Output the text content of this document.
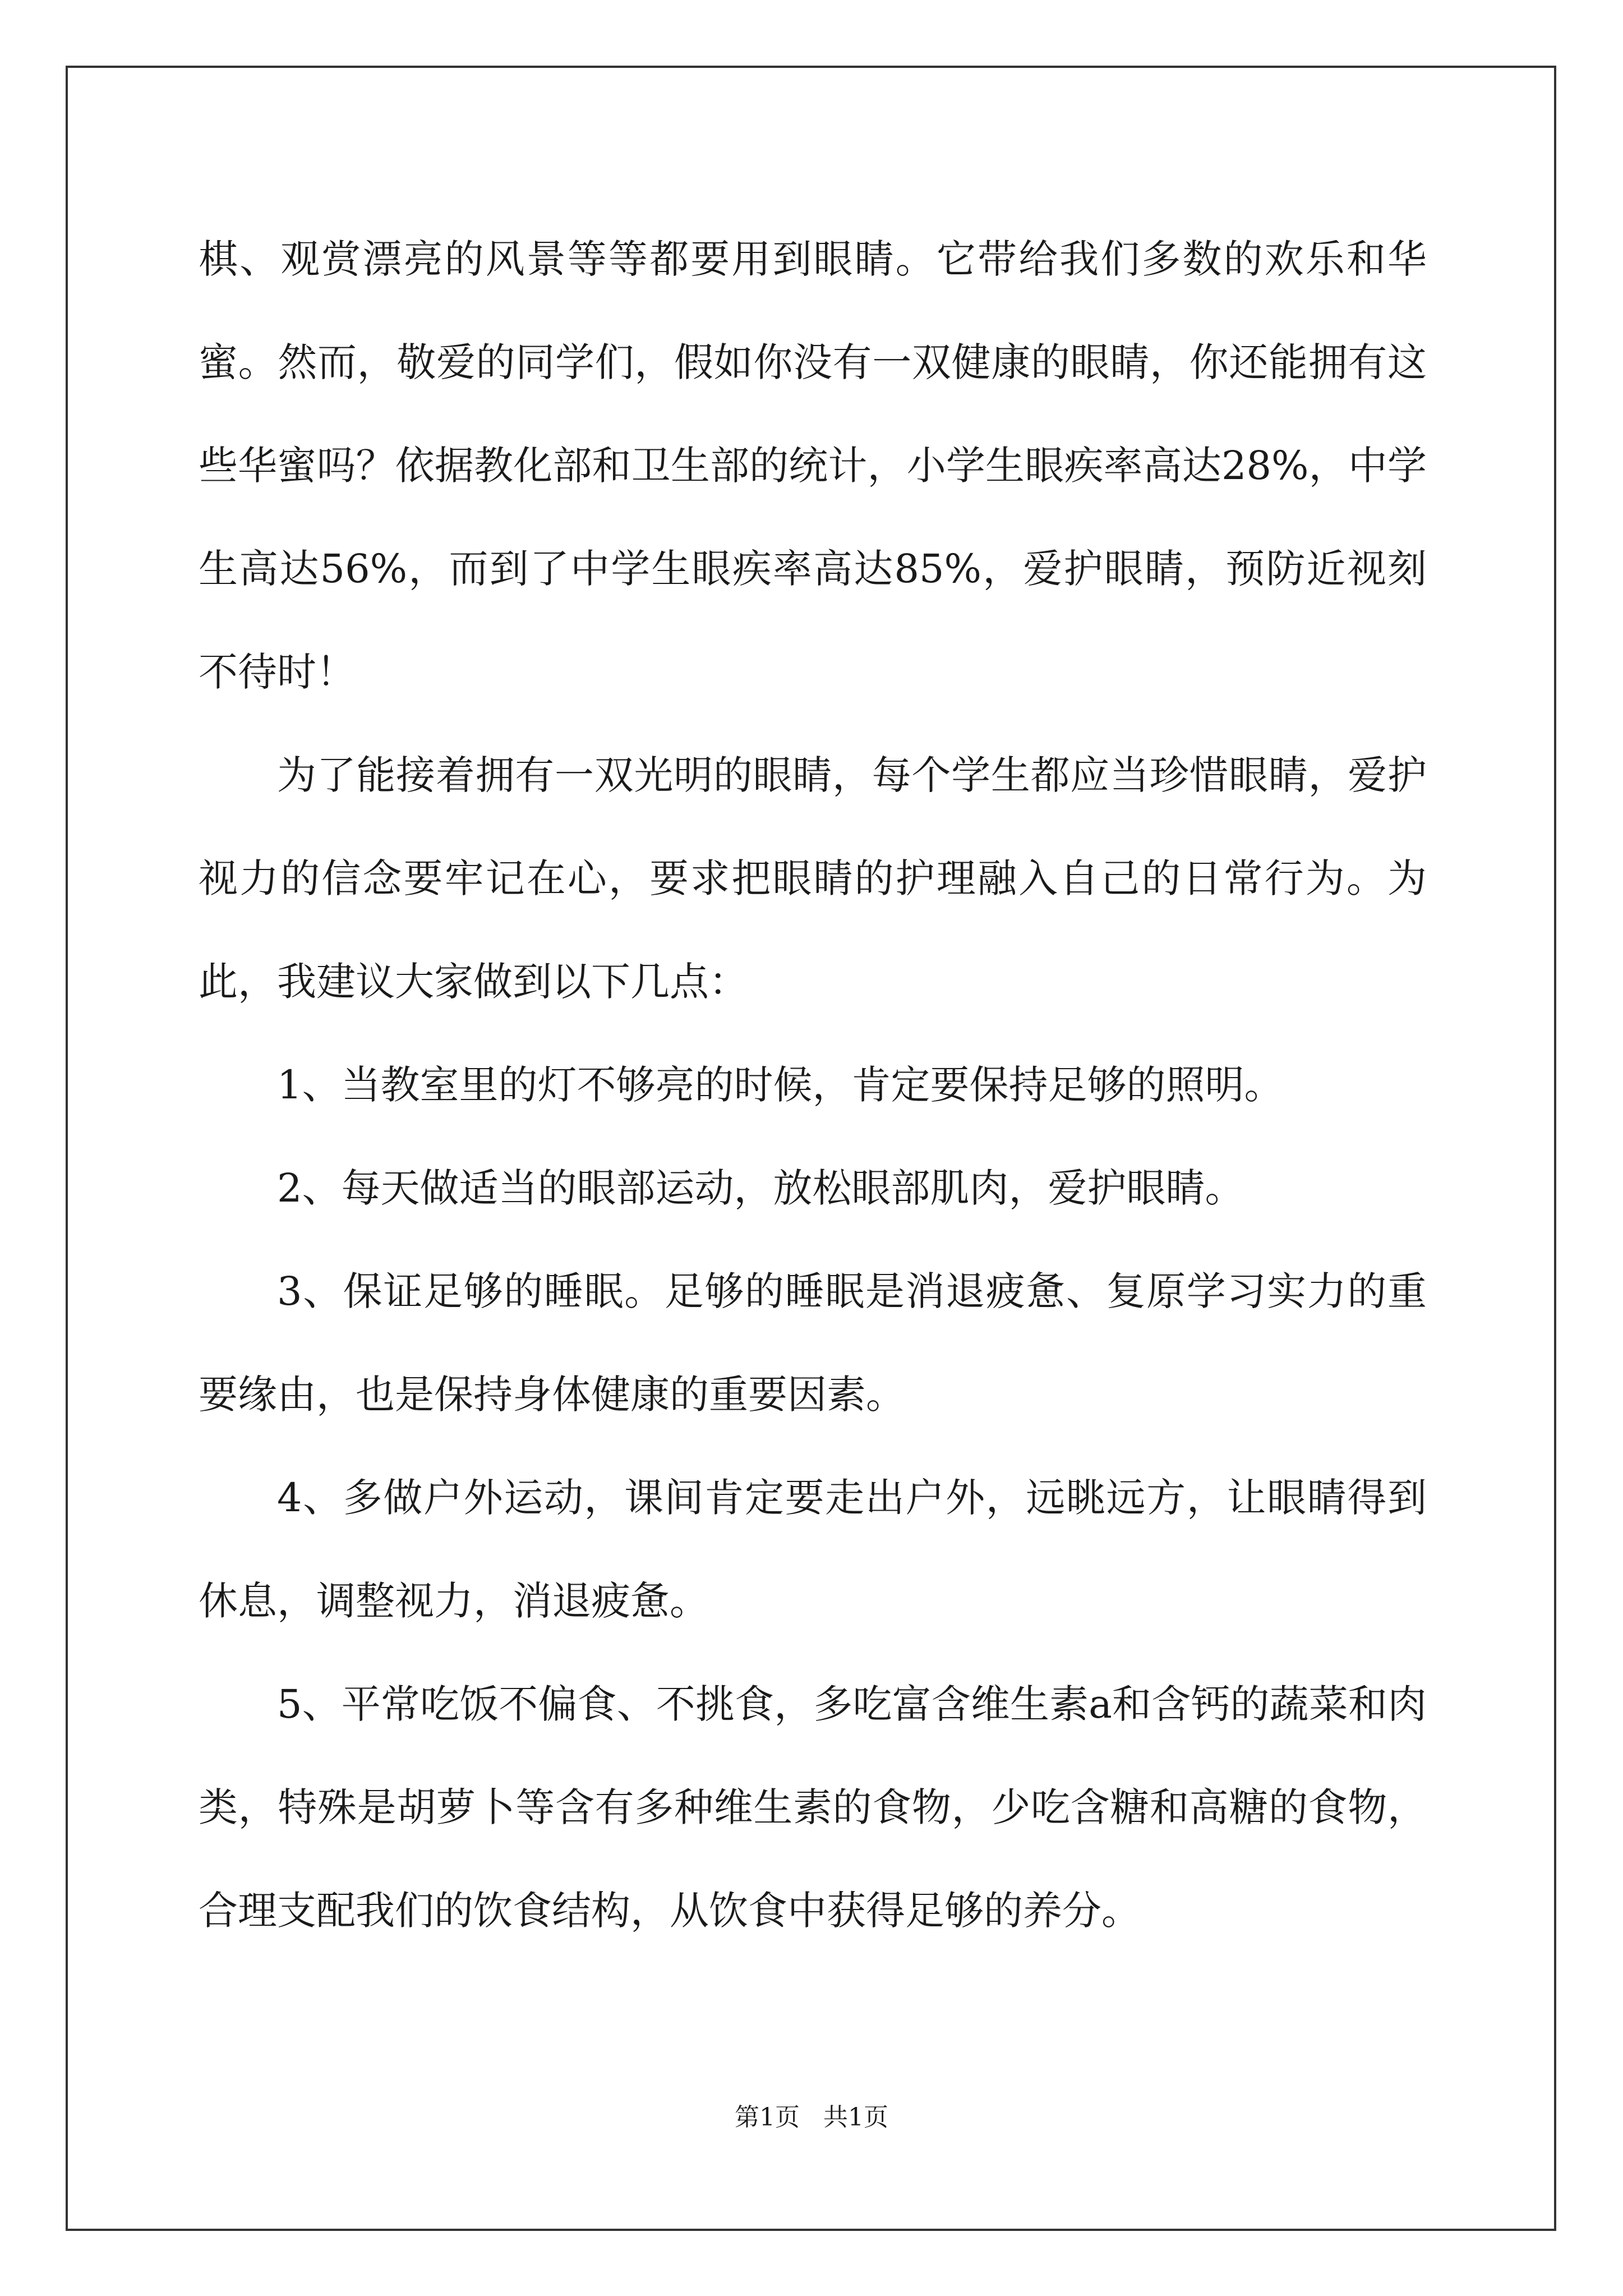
棋、观赏漂亮的风景等等都要用到眼睛。它带给我们多数的欢乐和华蜜。然而，敬爱的同学们，假如你没有一双健康的眼睛，你还能拥有这些华蜜吗？依据教化部和卫生部的统计，小学生眼疾率高达28%，中学生高达56%，而到了中学生眼疾率高达85%，爱护眼睛，预防近视刻不待时！

为了能接着拥有一双光明的眼睛，每个学生都应当珍惜眼睛，爱护视力的信念要牢记在心，要求把眼睛的护理融入自己的日常行为。为此，我建议大家做到以下几点：

1、当教室里的灯不够亮的时候，肯定要保持足够的照明。

2、每天做适当的眼部运动，放松眼部肌肉，爱护眼睛。

3、保证足够的睡眠。足够的睡眠是消退疲惫、复原学习实力的重要缘由，也是保持身体健康的重要因素。

4、多做户外运动，课间肯定要走出户外，远眺远方，让眼睛得到休息，调整视力，消退疲惫。

5、平常吃饭不偏食、不挑食，多吃富含维生素a和含钙的蔬菜和肉类，特殊是胡萝卜等含有多种维生素的食物，少吃含糖和高糖的食物，合理支配我们的饮食结构，从饮食中获得足够的养分。

第1页   共1页
